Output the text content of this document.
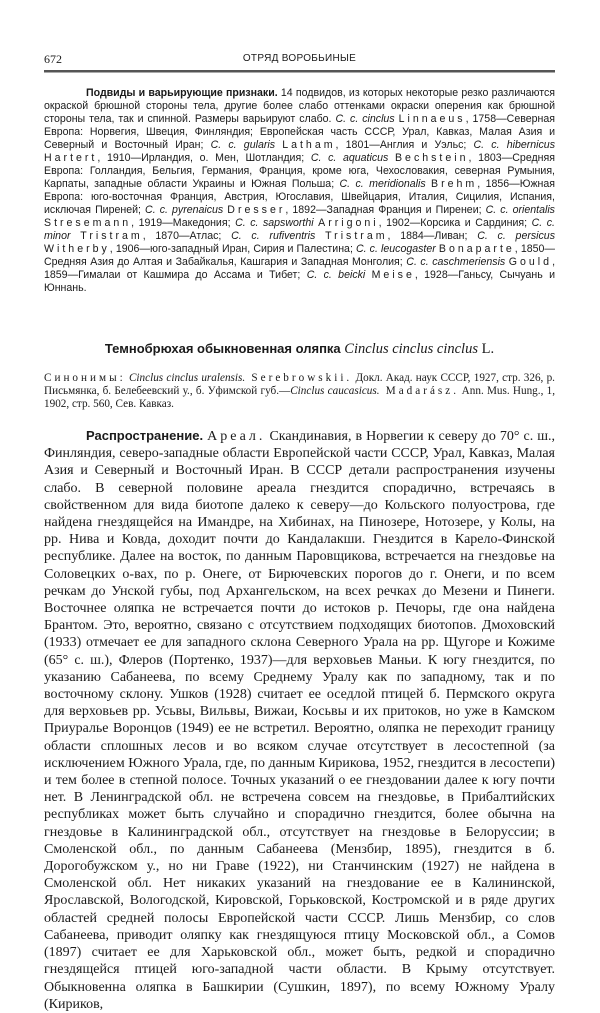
672	ОТРЯД ВОРОБЬИНЫЕ

Подвиды и варьирующие признаки. 14 подвидов, из которых некоторые резко различаются окраской брюшной стороны тела, другие более слабо оттенками окраски оперения как брюшной стороны тела, так и спинной. Размеры варьируют слабо. C. c. cinclus Linnaeus, 1758—Северная Европа: Норвегия, Швеция, Финляндия; Европейская часть СССР, Урал, Кавказ, Малая Азия и Северный и Восточный Иран; C. c. gularis Latham, 1801—Англия и Уэльс; C. c. hibernicus Hartert, 1910—Ирландия, о. Мен, Шотландия; C. c. aquaticus Bechstein, 1803—Средняя Европа: Голландия, Бельгия, Германия, Франция, кроме юга, Чехословакия, северная Румыния, Карпаты, западные области Украины и Южная Польша; C. c. meridionalis Brehm, 1856—Южная Европа: юго-восточная Франция, Австрия, Югославия, Швейцария, Италия, Сицилия, Испания, исключая Пиреней; C. c. pyrenaicus Dresser, 1892—Западная Франция и Пиренеи; C. c. orientalis Stresemann, 1919—Македония; C. c. sapsworthi Arrigoni, 1902—Корсика и Сардиния; C. c. minor Tristram, 1870—Атлас; C. c. rufiventris Tristram, 1884—Ливан; C. c. persicus Witherby, 1906—юго-западный Иран, Сирия и Палестина; C. c. leucogaster Bonaparte, 1850—Средняя Азия до Алтая и Забайкалья, Кашгария и Западная Монголия; C. c. caschmeriensis Gould, 1859—Гималаи от Кашмира до Ассама и Тибет; C. c. beicki Meise, 1928—Ганьсу, Сычуань и Юннань.

Темнобрюхая обыкновенная оляпка Cinclus cinclus cinclus L.
Синонимы: Cinclus cinclus uralensis. Serebrowskii. Докл. Акад. наук СССР, 1927, стр. 326, р. Письмянка, б. Белебеевский у., б. Уфимской губ.—Cinclus caucasicus. Madarász. Ann. Mus. Hung., 1, 1902, стр. 560, Сев. Кавказ.

Распространение. Ареал. Скандинавия, в Норвегии к северу до 70° с. ш., Финляндия, северо-западные области Европейской части СССР, Урал, Кавказ, Малая Азия и Северный и Восточный Иран. В СССР детали распространения изучены слабо. В северной половине ареала гнездится спорадично, встречаясь в свойственном для вида биотопе далеко к северу—до Кольского полуострова, где найдена гнездящейся на Имандре, на Хибинах, на Пинозере, Нотозере, у Колы, на рр. Нива и Ковда, доходит почти до Кандалакши. Гнездится в Карело-Финской республике. Далее на восток, по данным Паровщикова, встречается на гнездовье на Соловецких о-вах, по р. Онеге, от Бирючевских порогов до г. Онеги, и по всем речкам до Унской губы, под Архангельском, на всех речках до Мезени и Пинеги. Восточнее оляпка не встречается почти до истоков р. Печоры, где она найдена Брантом. Это, вероятно, связано с отсутствием подходящих биотопов. Дмоховский (1933) отмечает ее для западного склона Северного Урала на рр. Щугоре и Кожиме (65° с. ш.), Флеров (Портенко, 1937)—для верховьев Маньи. К югу гнездится, по указанию Сабанеева, по всему Среднему Уралу как по западному, так и по восточному склону. Ушков (1928) считает ее оседлой птицей б. Пермского округа для верховьев рр. Усьвы, Вильвы, Вижаи, Косьвы и их притоков, но уже в Камском Приуралье Воронцов (1949) ее не встретил. Вероятно, оляпка не переходит границу области сплошных лесов и во всяком случае отсутствует в лесостепной (за исключением Южного Урала, где, по данным Кирикова, 1952, гнездится в лесостепи) и тем более в степной полосе. Точных указаний о ее гнездовании далее к югу почти нет. В Ленинградской обл. не встречена совсем на гнездовье, в Прибалтийских республиках может быть случайно и спорадично гнездится, более обычна на гнездовье в Калининградской обл., отсутствует на гнездовье в Белоруссии; в Смоленской обл., по данным Сабанеева (Мензбир, 1895), гнездится в б. Дорогобужском у., но ни Граве (1922), ни Станчинским (1927) не найдена в Смоленской обл. Нет никаких указаний на гнездование ее в Калининской, Ярославской, Вологодской, Кировской, Горьковской, Костромской и в ряде других областей средней полосы Европейской части СССР. Лишь Мензбир, со слов Сабанеева, приводит оляпку как гнездящуюся птицу Московской обл., а Сомов (1897) считает ее для Харьковской обл., может быть, редкой и спорадично гнездящейся птицей юго-западной части области. В Крыму отсутствует. Обыкновенна оляпка в Башкирии (Сушкин, 1897), по всему Южному Уралу (Кириков,
